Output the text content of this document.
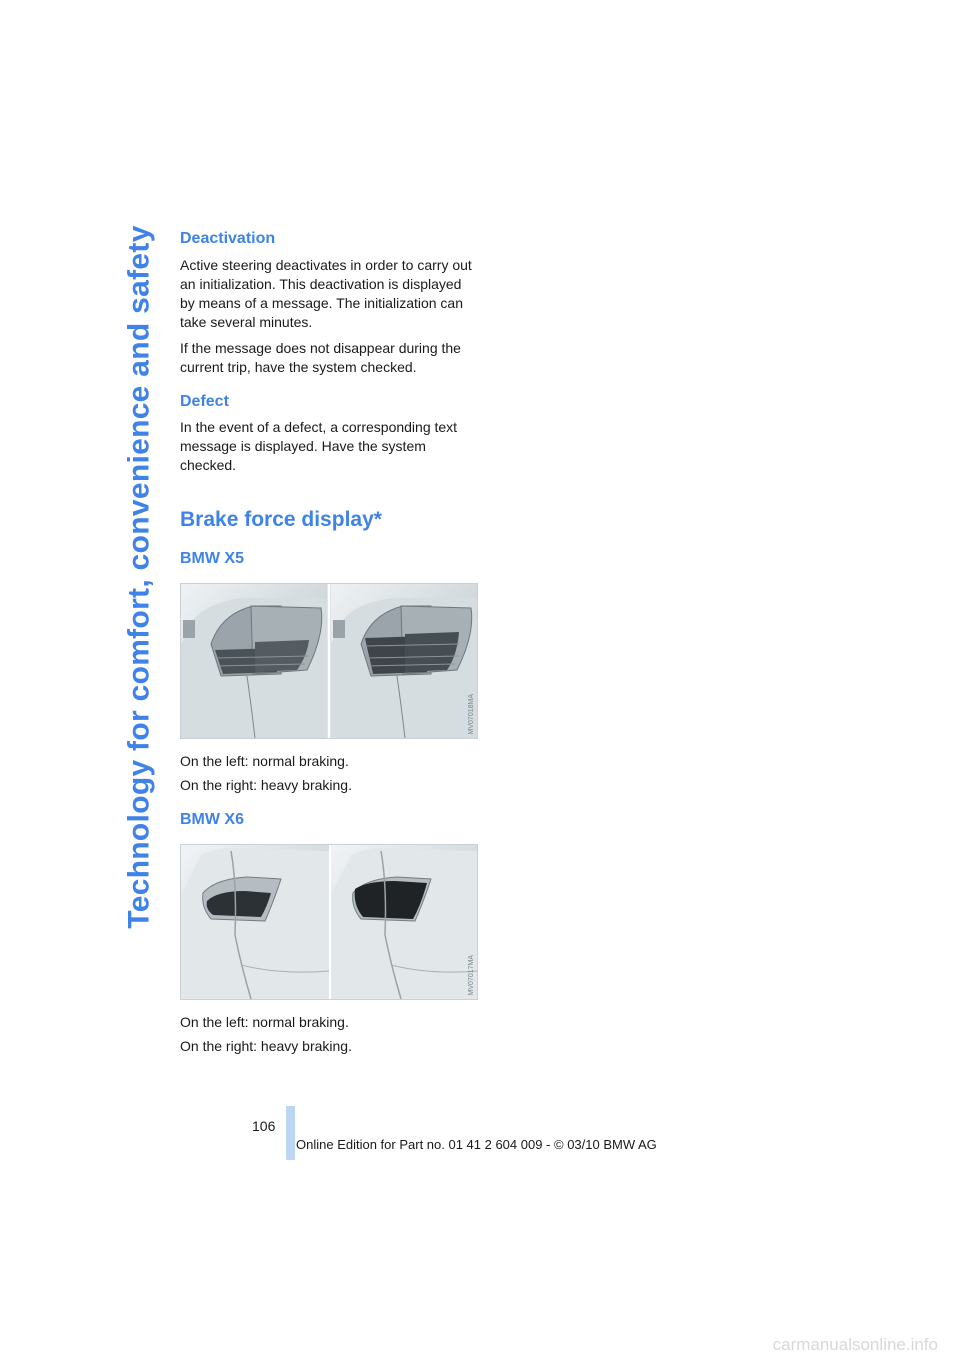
Technology for comfort, convenience and safety Deactivation

Active steering deactivates in order to carry out an initialization. This deactivation is displayed by means of a message. The initialization can take several minutes.

If the message does not disappear during the current trip, have the system checked.

Defect

In the event of a defect, a corresponding text message is displayed. Have the system checked.

Brake force display*
BMW X5
MV07018MA

On the left: normal braking.

On the right: heavy braking.

BMW X6
MV07017MA

On the left: normal braking.

On the right: heavy braking.

106
Online Edition for Part no. 01 41 2 604 009 - © 03/10 BMW AG
carmanualsonline.info
